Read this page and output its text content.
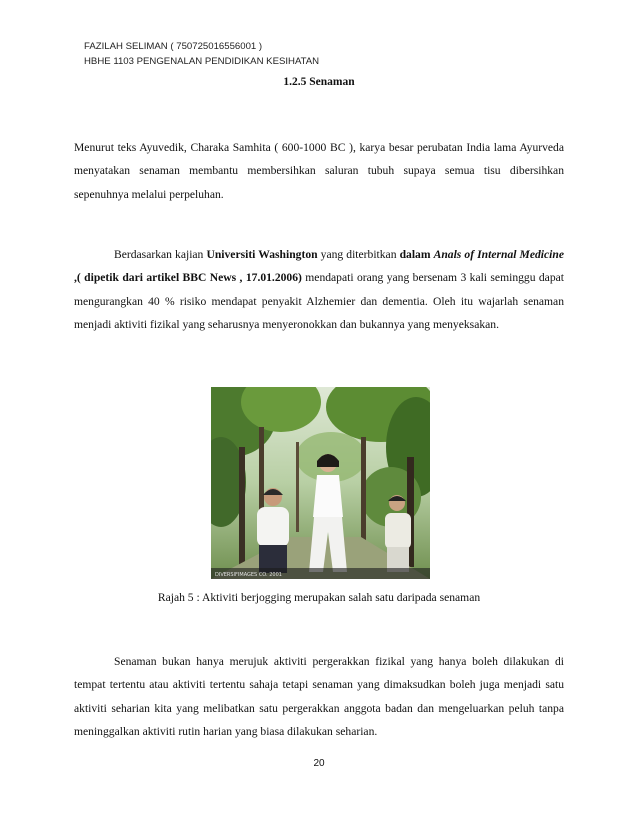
FAZILAH SELIMAN ( 750725016556001 )
HBHE 1103 PENGENALAN PENDIDIKAN KESIHATAN
1.2.5 Senaman
Menurut teks Ayuvedik, Charaka Samhita ( 600-1000 BC ), karya besar perubatan India lama Ayurveda menyatakan senaman membantu membersihkan saluran tubuh supaya semua tisu dibersihkan sepenuhnya melalui perpeluhan.
Berdasarkan kajian Universiti Washington yang diterbitkan dalam Anals of Internal Medicine ,( dipetik dari artikel BBC News , 17.01.2006) mendapati orang yang bersenam 3 kali seminggu dapat mengurangkan 40 % risiko mendapat penyakit Alzhemier dan dementia. Oleh itu wajarlah senaman menjadi aktiviti fizikal yang seharusnya menyeronokkan dan bukannya yang menyeksakan.
DIVERSIFIMAGES CO. 2001
Rajah 5 : Aktiviti berjogging merupakan salah satu daripada senaman
Senaman bukan hanya merujuk aktiviti pergerakkan fizikal yang hanya boleh dilakukan di tempat tertentu atau aktiviti tertentu sahaja tetapi senaman yang dimaksudkan boleh juga menjadi satu aktiviti seharian kita yang melibatkan satu pergerakkan anggota badan dan mengeluarkan peluh tanpa meninggalkan aktiviti rutin harian yang biasa dilakukan seharian.
20
